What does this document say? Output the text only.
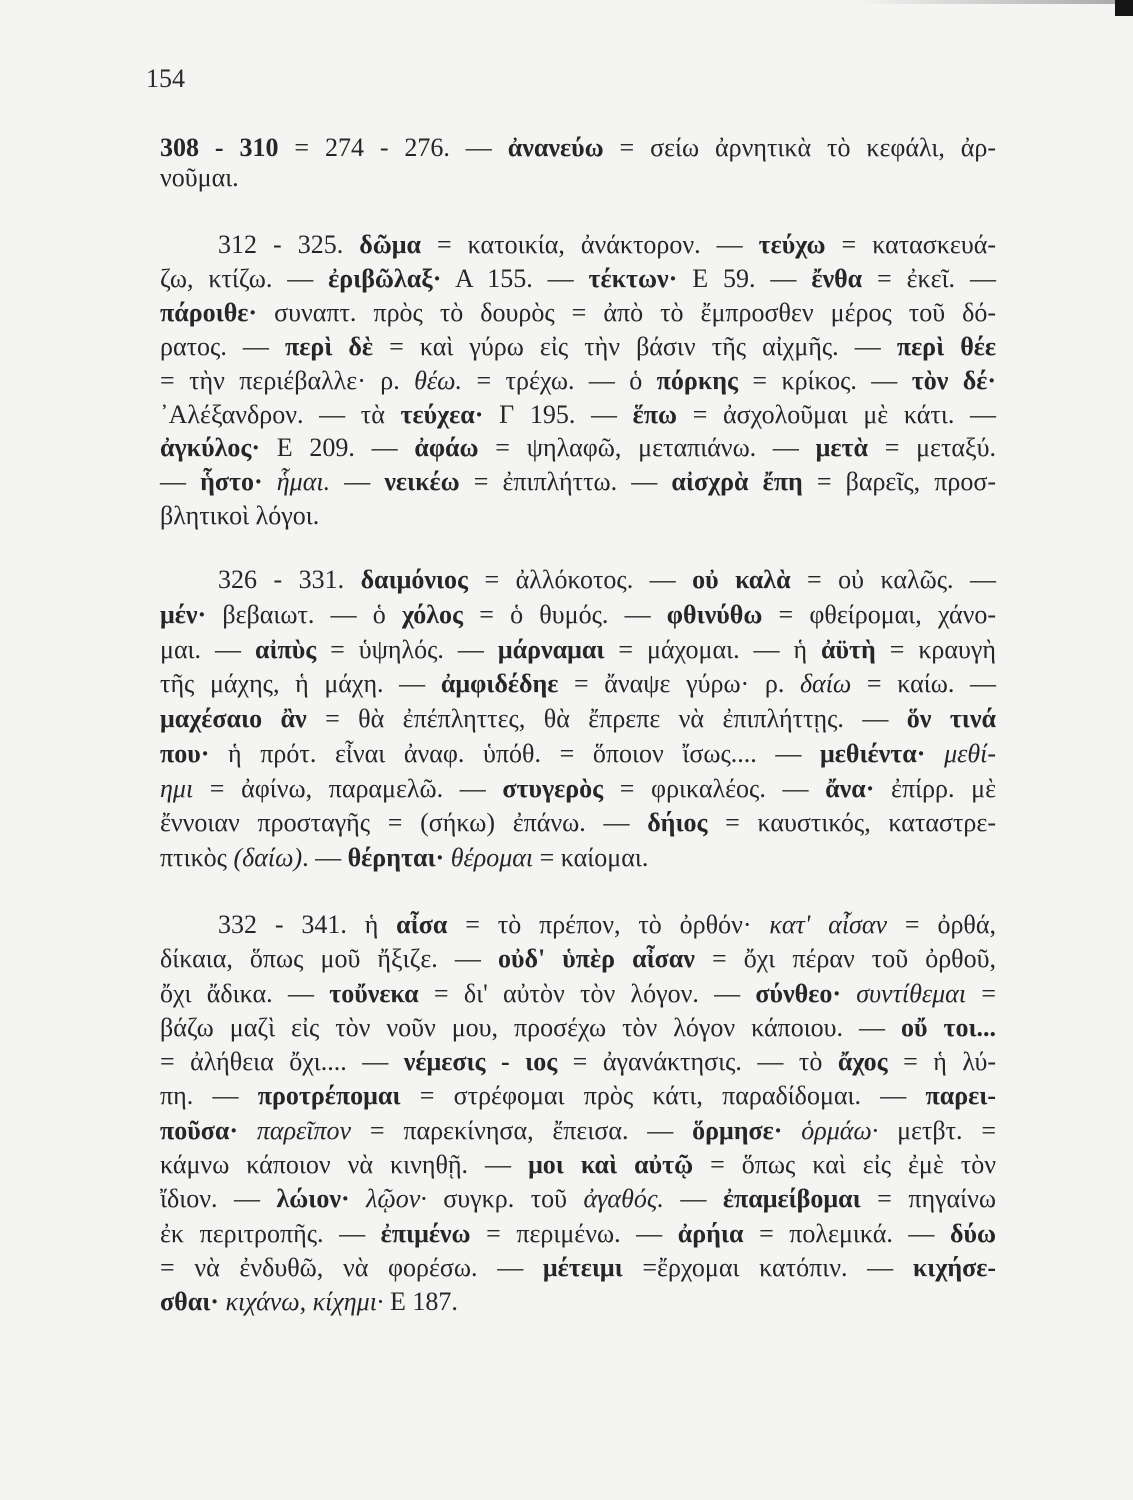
154
308 - 310 = 274 - 276. — ἀνανεύω = σείω ἀρνητικὰ τὸ κεφάλι, ἀρ-
νοῦμαι.
312 - 325. δῶμα = κατοικία, ἀνάκτορον. — τεύχω = κατασκευά-
ζω, κτίζω. — ἐριβῶλαξ· Α 155. — τέκτων· Ε 59. — ἔνθα = ἐκεῖ. —
πάροιθε· συναπτ. πρὸς τὸ δουρὸς = ἀπὸ τὸ ἔμπροσθεν μέρος τοῦ δό-
ρατος. — περὶ δὲ = καὶ γύρω εἰς τὴν βάσιν τῆς αἰχμῆς. — περὶ θέε
= τὴν περιέβαλλε· ρ. θέω. = τρέχω. — ὁ πόρκης = κρίκος. — τὸν δέ·
᾿Αλέξανδρον. — τὰ τεύχεα· Γ 195. — ἕπω = ἀσχολοῦμαι μὲ κάτι. —
ἀγκύλος· Ε 209. — ἀφάω = ψηλαφῶ, μεταπιάνω. — μετὰ = μεταξύ.
— ἧστο· ἧμαι. — νεικέω = ἐπιπλήττω. — αἰσχρὰ ἔπη = βαρεῖς, προσ-
βλητικοὶ λόγοι.
326 - 331. δαιμόνιος = ἀλλόκοτος. — οὐ καλὰ = οὐ καλῶς. —
μέν· βεβαιωτ. — ὁ χόλος = ὁ θυμός. — φθινύθω = φθείρομαι, χάνο-
μαι. — αἰπὺς = ὑψηλός. — μάρναμαι = μάχομαι. — ἡ ἀϋτὴ = κραυγὴ
τῆς μάχης, ἡ μάχη. — ἀμφιδέδηε = ἄναψε γύρω· ρ. δαίω = καίω. —
μαχέσαιο ἂν = θὰ ἐπέπληττες, θὰ ἔπρεπε νὰ ἐπιπλήττῃς. — ὅν τινά
που· ἡ πρότ. εἶναι ἀναφ. ὑπόθ. = ὅποιον ἴσως.... — μεθιέντα· μεθί-
ημι = ἀφίνω, παραμελῶ. — στυγερὸς = φρικαλέος. — ἄνα· ἐπίρρ. μὲ
ἔννοιαν προσταγῆς = (σήκω) ἐπάνω. — δήιος = καυστικός, καταστρε-
πτικὸς (δαίω). — θέρηται· θέρομαι = καίομαι.
332 - 341. ἡ αἶσα = τὸ πρέπον, τὸ ὀρθόν· κατ' αἶσαν = ὀρθά,
δίκαια, ὅπως μοῦ ἤξιζε. — οὐδ' ὑπὲρ αἶσαν = ὄχι πέραν τοῦ ὀρθοῦ,
ὄχι ἄδικα. — τοὔνεκα = δι' αὐτὸν τὸν λόγον. — σύνθεο· συντίθεμαι =
βάζω μαζὶ εἰς τὸν νοῦν μου, προσέχω τὸν λόγον κάποιου. — οὔ τοι...
= ἀλήθεια ὄχι.... — νέμεσις - ιος = ἀγανάκτησις. — τὸ ἄχος = ἡ λύ-
πη. — προτρέπομαι = στρέφομαι πρὸς κάτι, παραδίδομαι. — παρει-
ποῦσα· παρεῖπον = παρεκίνησα, ἔπεισα. — ὅρμησε· ὁρμάω· μετβτ. =
κάμνω κάποιον νὰ κινηθῇ. — μοι καὶ αὐτῷ = ὅπως καὶ εἰς ἐμὲ τὸν
ἴδιον. — λώιον· λῷον· συγκρ. τοῦ ἀγαθός. — ἐπαμείβομαι = πηγαίνω
ἐκ περιτροπῆς. — ἐπιμένω = περιμένω. — ἀρήια = πολεμικά. — δύω
= νὰ ἐνδυθῶ, νὰ φορέσω. — μέτειμι =ἔρχομαι κατόπιν. — κιχήσε-
σθαι· κιχάνω, κίχημι· Ε 187.
